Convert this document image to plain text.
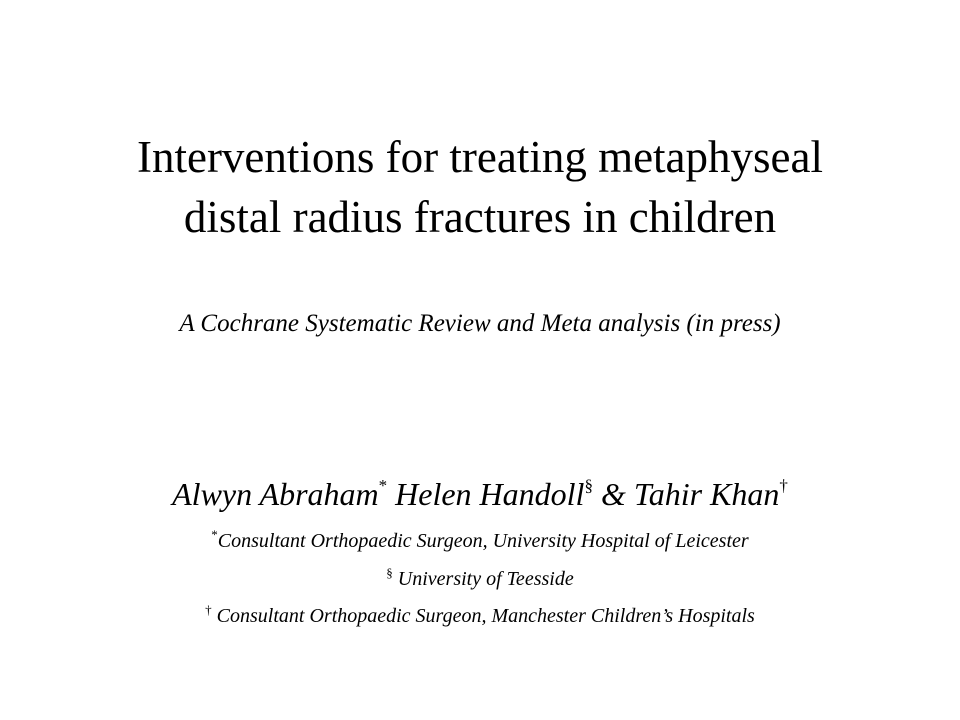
Interventions for treating metaphyseal
distal radius fractures in children

A Cochrane Systematic Review and Meta analysis (in press)

Alwyn Abraham* Helen Handoll§ & Tahir Khan†

*Consultant Orthopaedic Surgeon, University Hospital of Leicester

§ University of Teesside

† Consultant Orthopaedic Surgeon, Manchester Children’s Hospitals
